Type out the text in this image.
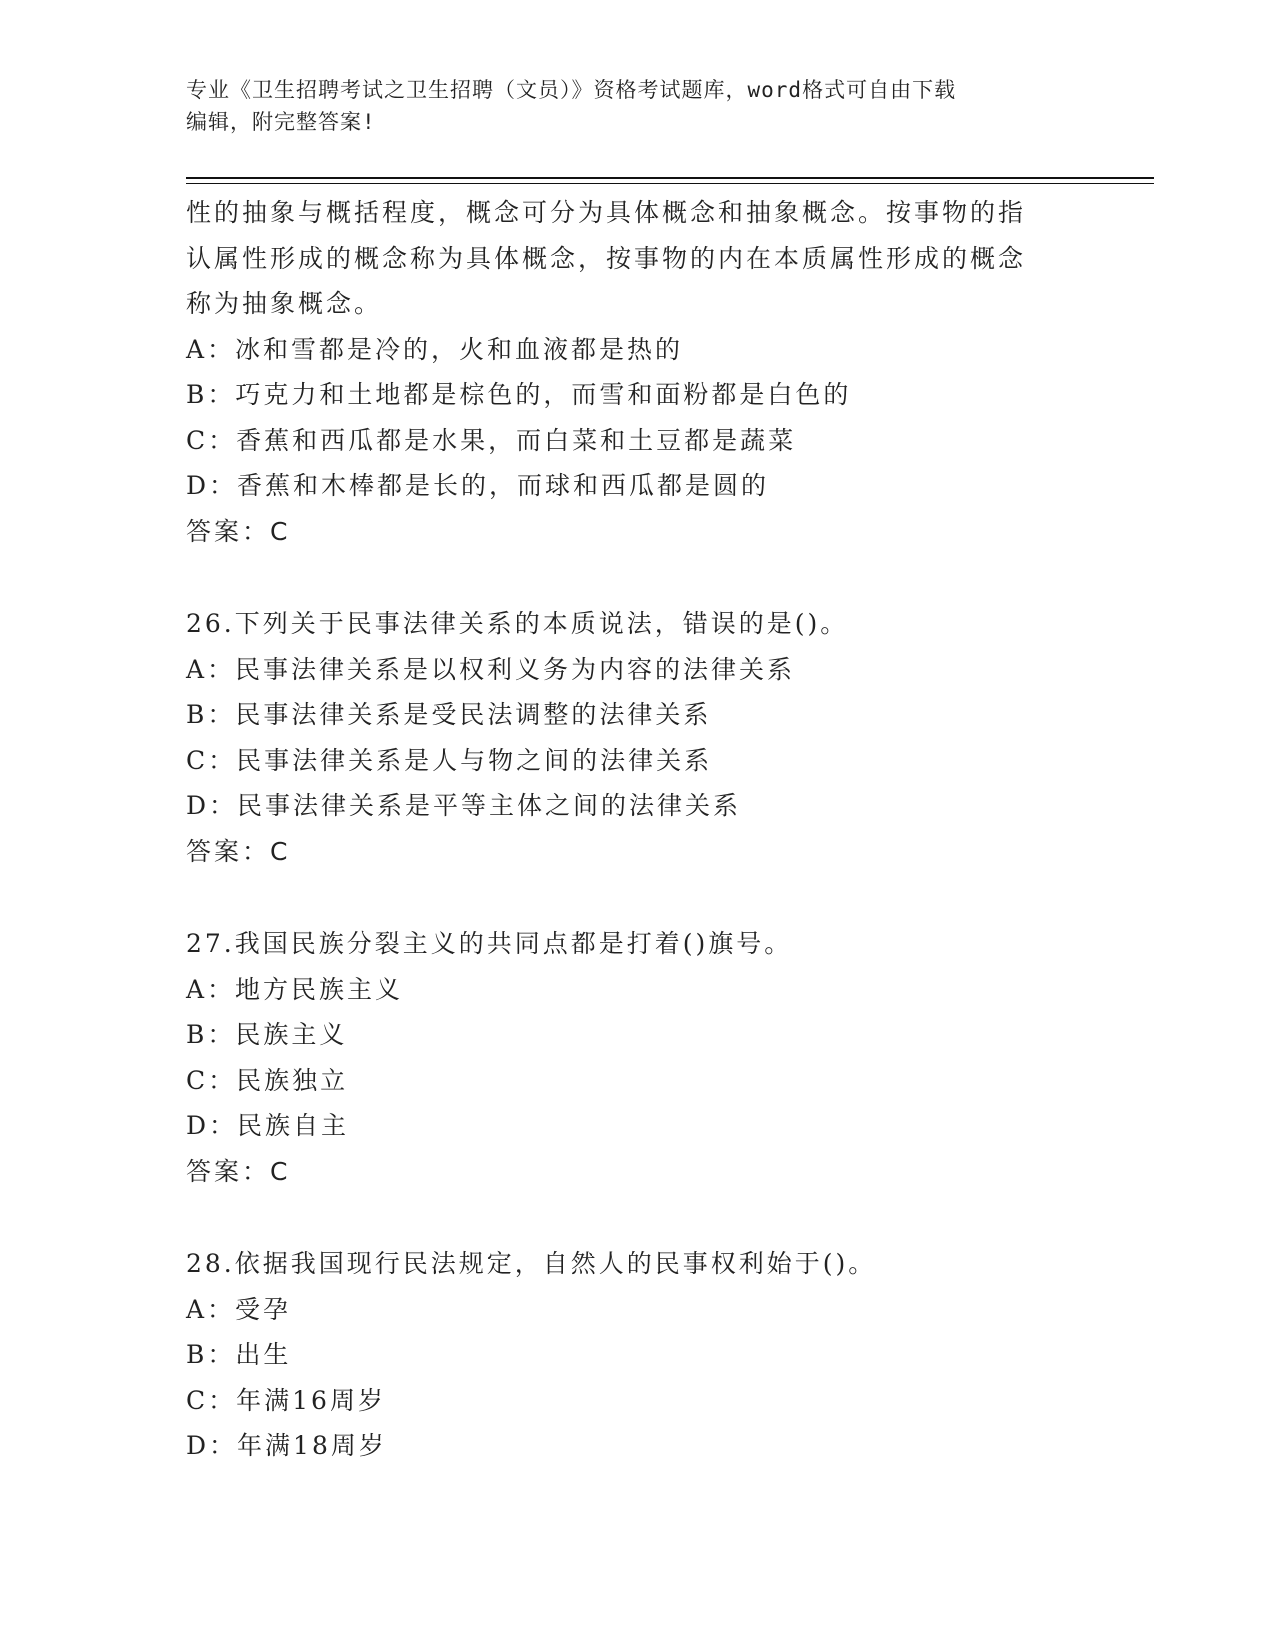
专业《卫生招聘考试之卫生招聘（文员）》资格考试题库，word格式可自由下载
编辑，附完整答案!
性的抽象与概括程度，概念可分为具体概念和抽象概念。按事物的指
认属性形成的概念称为具体概念，按事物的内在本质属性形成的概念
称为抽象概念。
A：冰和雪都是冷的，火和血液都是热的
B：巧克力和土地都是棕色的，而雪和面粉都是白色的
C：香蕉和西瓜都是水果，而白菜和土豆都是蔬菜
D：香蕉和木棒都是长的，而球和西瓜都是圆的
答案：C
26.下列关于民事法律关系的本质说法，错误的是()。
A：民事法律关系是以权利义务为内容的法律关系
B：民事法律关系是受民法调整的法律关系
C：民事法律关系是人与物之间的法律关系
D：民事法律关系是平等主体之间的法律关系
答案：C
27.我国民族分裂主义的共同点都是打着()旗号。
A：地方民族主义
B：民族主义
C：民族独立
D：民族自主
答案：C
28.依据我国现行民法规定，自然人的民事权利始于()。
A：受孕
B：出生
C：年满16周岁
D：年满18周岁
